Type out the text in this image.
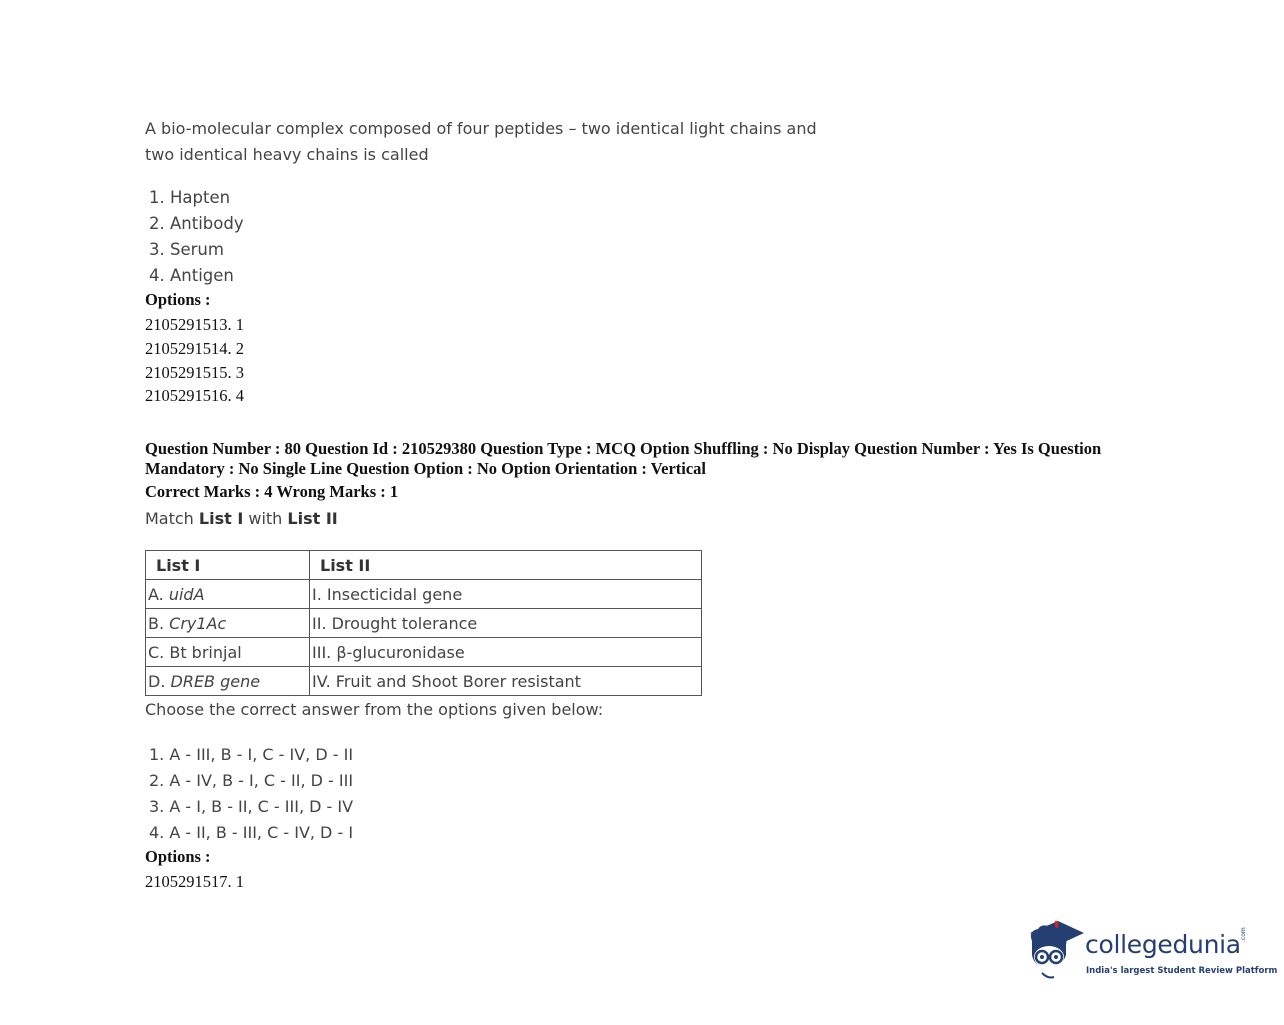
A bio-molecular complex composed of four peptides – two identical light chains and two identical heavy chains is called
1. Hapten
2. Antibody
3. Serum
4. Antigen
Options :
2105291513. 1
2105291514. 2
2105291515. 3
2105291516. 4
Question Number : 80 Question Id : 210529380 Question Type : MCQ Option Shuffling : No Display Question Number : Yes Is Question Mandatory : No Single Line Question Option : No Option Orientation : Vertical
Correct Marks : 4 Wrong Marks : 1
Match List I with List II
List I	List II
A. uidA	I. Insecticidal gene
B. Cry1Ac	II. Drought tolerance
C. Bt brinjal	III. β-glucuronidase
D. DREB gene	IV. Fruit and Shoot Borer resistant
Choose the correct answer from the options given below:
1. A - III, B - I, C - IV, D - II
2. A - IV, B - I, C - II, D - III
3. A - I, B - II, C - III, D - IV
4. A - II, B - III, C - IV, D - I
Options :
2105291517. 1
collegedunia .com
India's largest Student Review Platform
